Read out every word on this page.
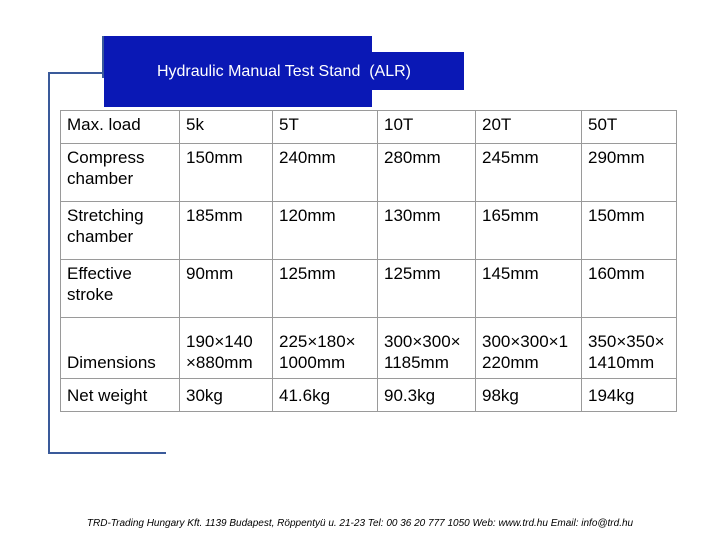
Hydraulic Manual Test Stand  (ALR)
Max. load	5k	5T	10T	20T	50T
Compress chamber	150mm	240mm	280mm	245mm	290mm
Stretching chamber	185mm	120mm	130mm	165mm	150mm
Effective stroke	90mm	125mm	125mm	145mm	160mm
Dimensions	190×140 ×880mm	225×180× 1000mm	300×300× 1185mm	300×300×1 220mm	350×350× 1410mm
Net weight	30kg	41.6kg	90.3kg	98kg	194kg
TRD-Trading Hungary Kft. 1139 Budapest, Röppentyü u. 21-23 Tel: 00 36 20 777 1050 Web: www.trd.hu Email: info@trd.hu
